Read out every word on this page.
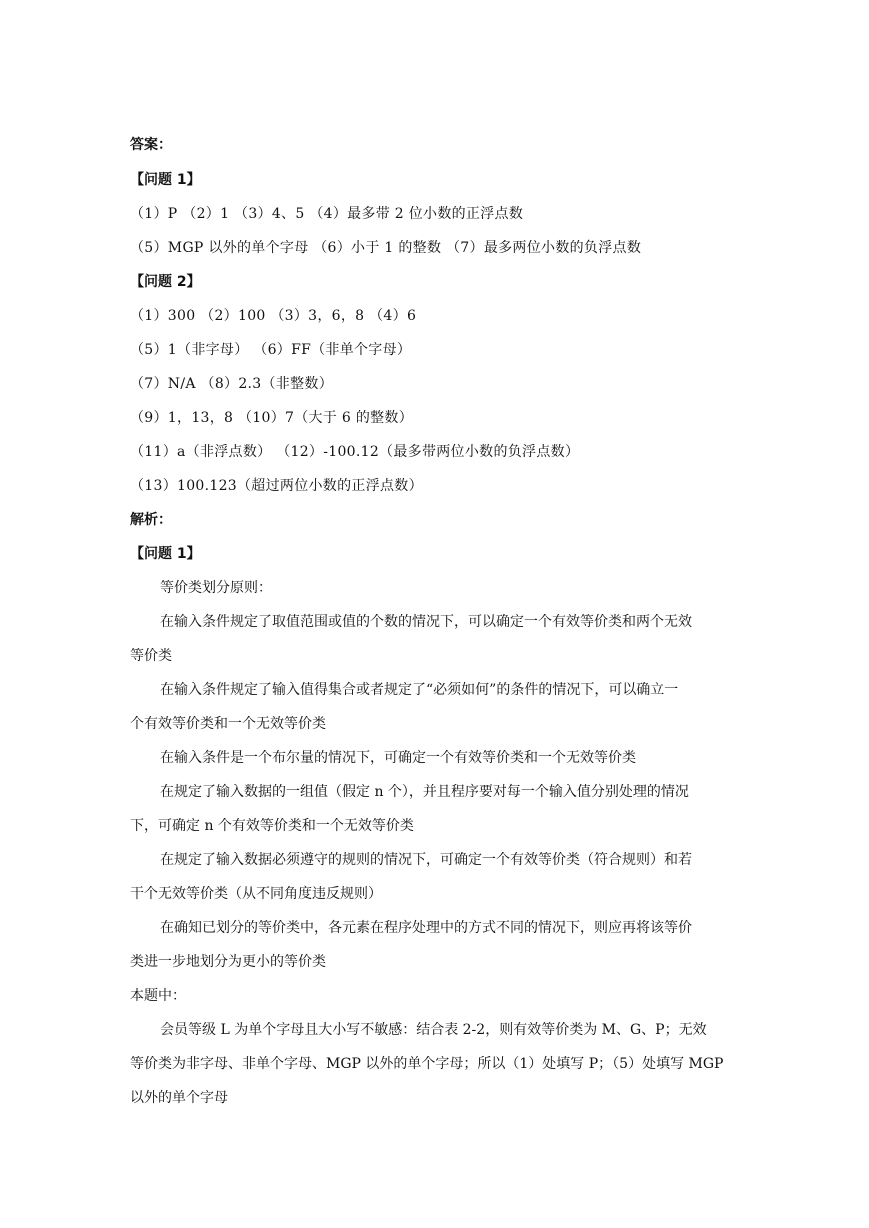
答案：
【问题 1】
（1）P （2）1 （3）4、5 （4）最多带 2 位小数的正浮点数
（5）MGP 以外的单个字母 （6）小于 1 的整数 （7）最多两位小数的负浮点数
【问题 2】
（1）300 （2）100 （3）3，6，8 （4）6
（5）1（非字母） （6）FF（非单个字母）
（7）N/A （8）2.3（非整数）
（9）1，13，8 （10）7（大于 6 的整数）
（11）a（非浮点数） （12）-100.12（最多带两位小数的负浮点数）
（13）100.123（超过两位小数的正浮点数）
解析：
【问题 1】
等价类划分原则：
在输入条件规定了取值范围或值的个数的情况下，可以确定一个有效等价类和两个无效
等价类
在输入条件规定了输入值得集合或者规定了“必须如何”的条件的情况下，可以确立一
个有效等价类和一个无效等价类
在输入条件是一个布尔量的情况下，可确定一个有效等价类和一个无效等价类
在规定了输入数据的一组值（假定 n 个），并且程序要对每一个输入值分别处理的情况
下，可确定 n 个有效等价类和一个无效等价类
在规定了输入数据必须遵守的规则的情况下，可确定一个有效等价类（符合规则）和若
干个无效等价类（从不同角度违反规则）
在确知已划分的等价类中，各元素在程序处理中的方式不同的情况下，则应再将该等价
类进一步地划分为更小的等价类
本题中：
会员等级 L 为单个字母且大小写不敏感：结合表 2-2，则有效等价类为 M、G、P；无效
等价类为非字母、非单个字母、MGP 以外的单个字母；所以（1）处填写 P；（5）处填写 MGP
以外的单个字母
